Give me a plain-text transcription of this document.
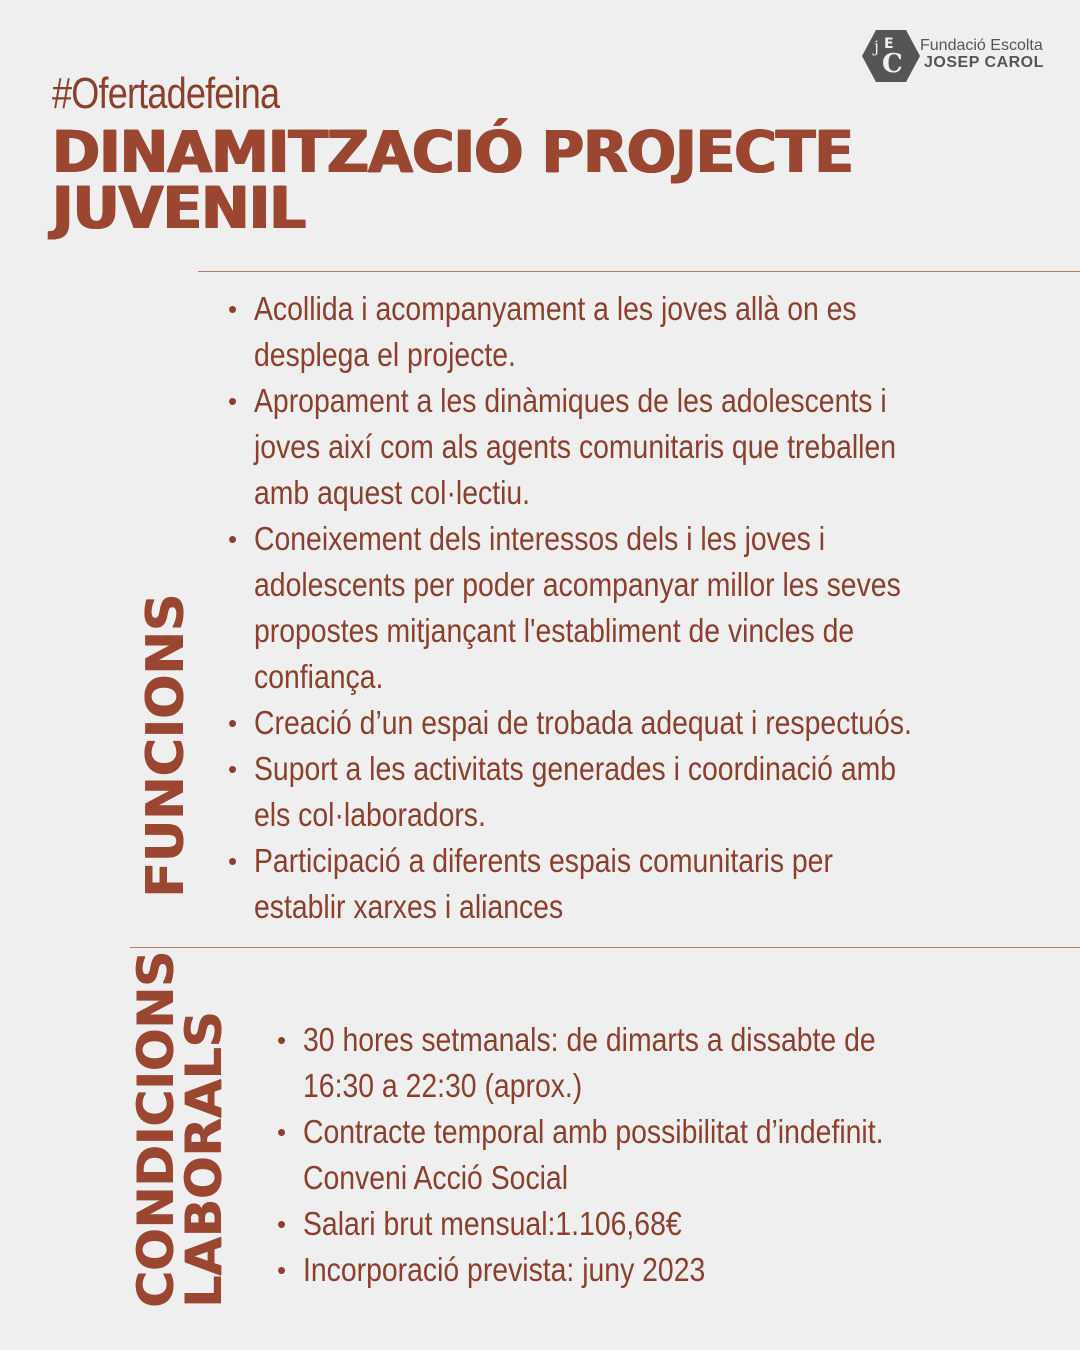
j E
C
Fundació Escolta
JOSEP CAROL

#Ofertadefeina

DINAMITZACIÓ PROJECTE
JUVENIL
FUNCIONS
• Acollida i acompanyament a les joves allà on es
desplega el projecte.
• Apropament a les dinàmiques de les adolescents i
joves així com als agents comunitaris que treballen
amb aquest col·lectiu.
• Coneixement dels interessos dels i les joves i
adolescents per poder acompanyar millor les seves
propostes mitjançant l'establiment de vincles de
confiança.
• Creació d’un espai de trobada adequat i respectuós.
• Suport a les activitats generades i coordinació amb
els col·laboradors.
• Participació a diferents espais comunitaris per
establir xarxes i aliances
CONDICIONS
LABORALS
•	30 hores setmanals: de dimarts a dissabte de
16:30 a 22:30 (aprox.)
• Contracte temporal amb possibilitat d’indefinit.
Conveni Acció Social
• Salari brut mensual:1.106,68€
• Incorporació prevista: juny 2023
